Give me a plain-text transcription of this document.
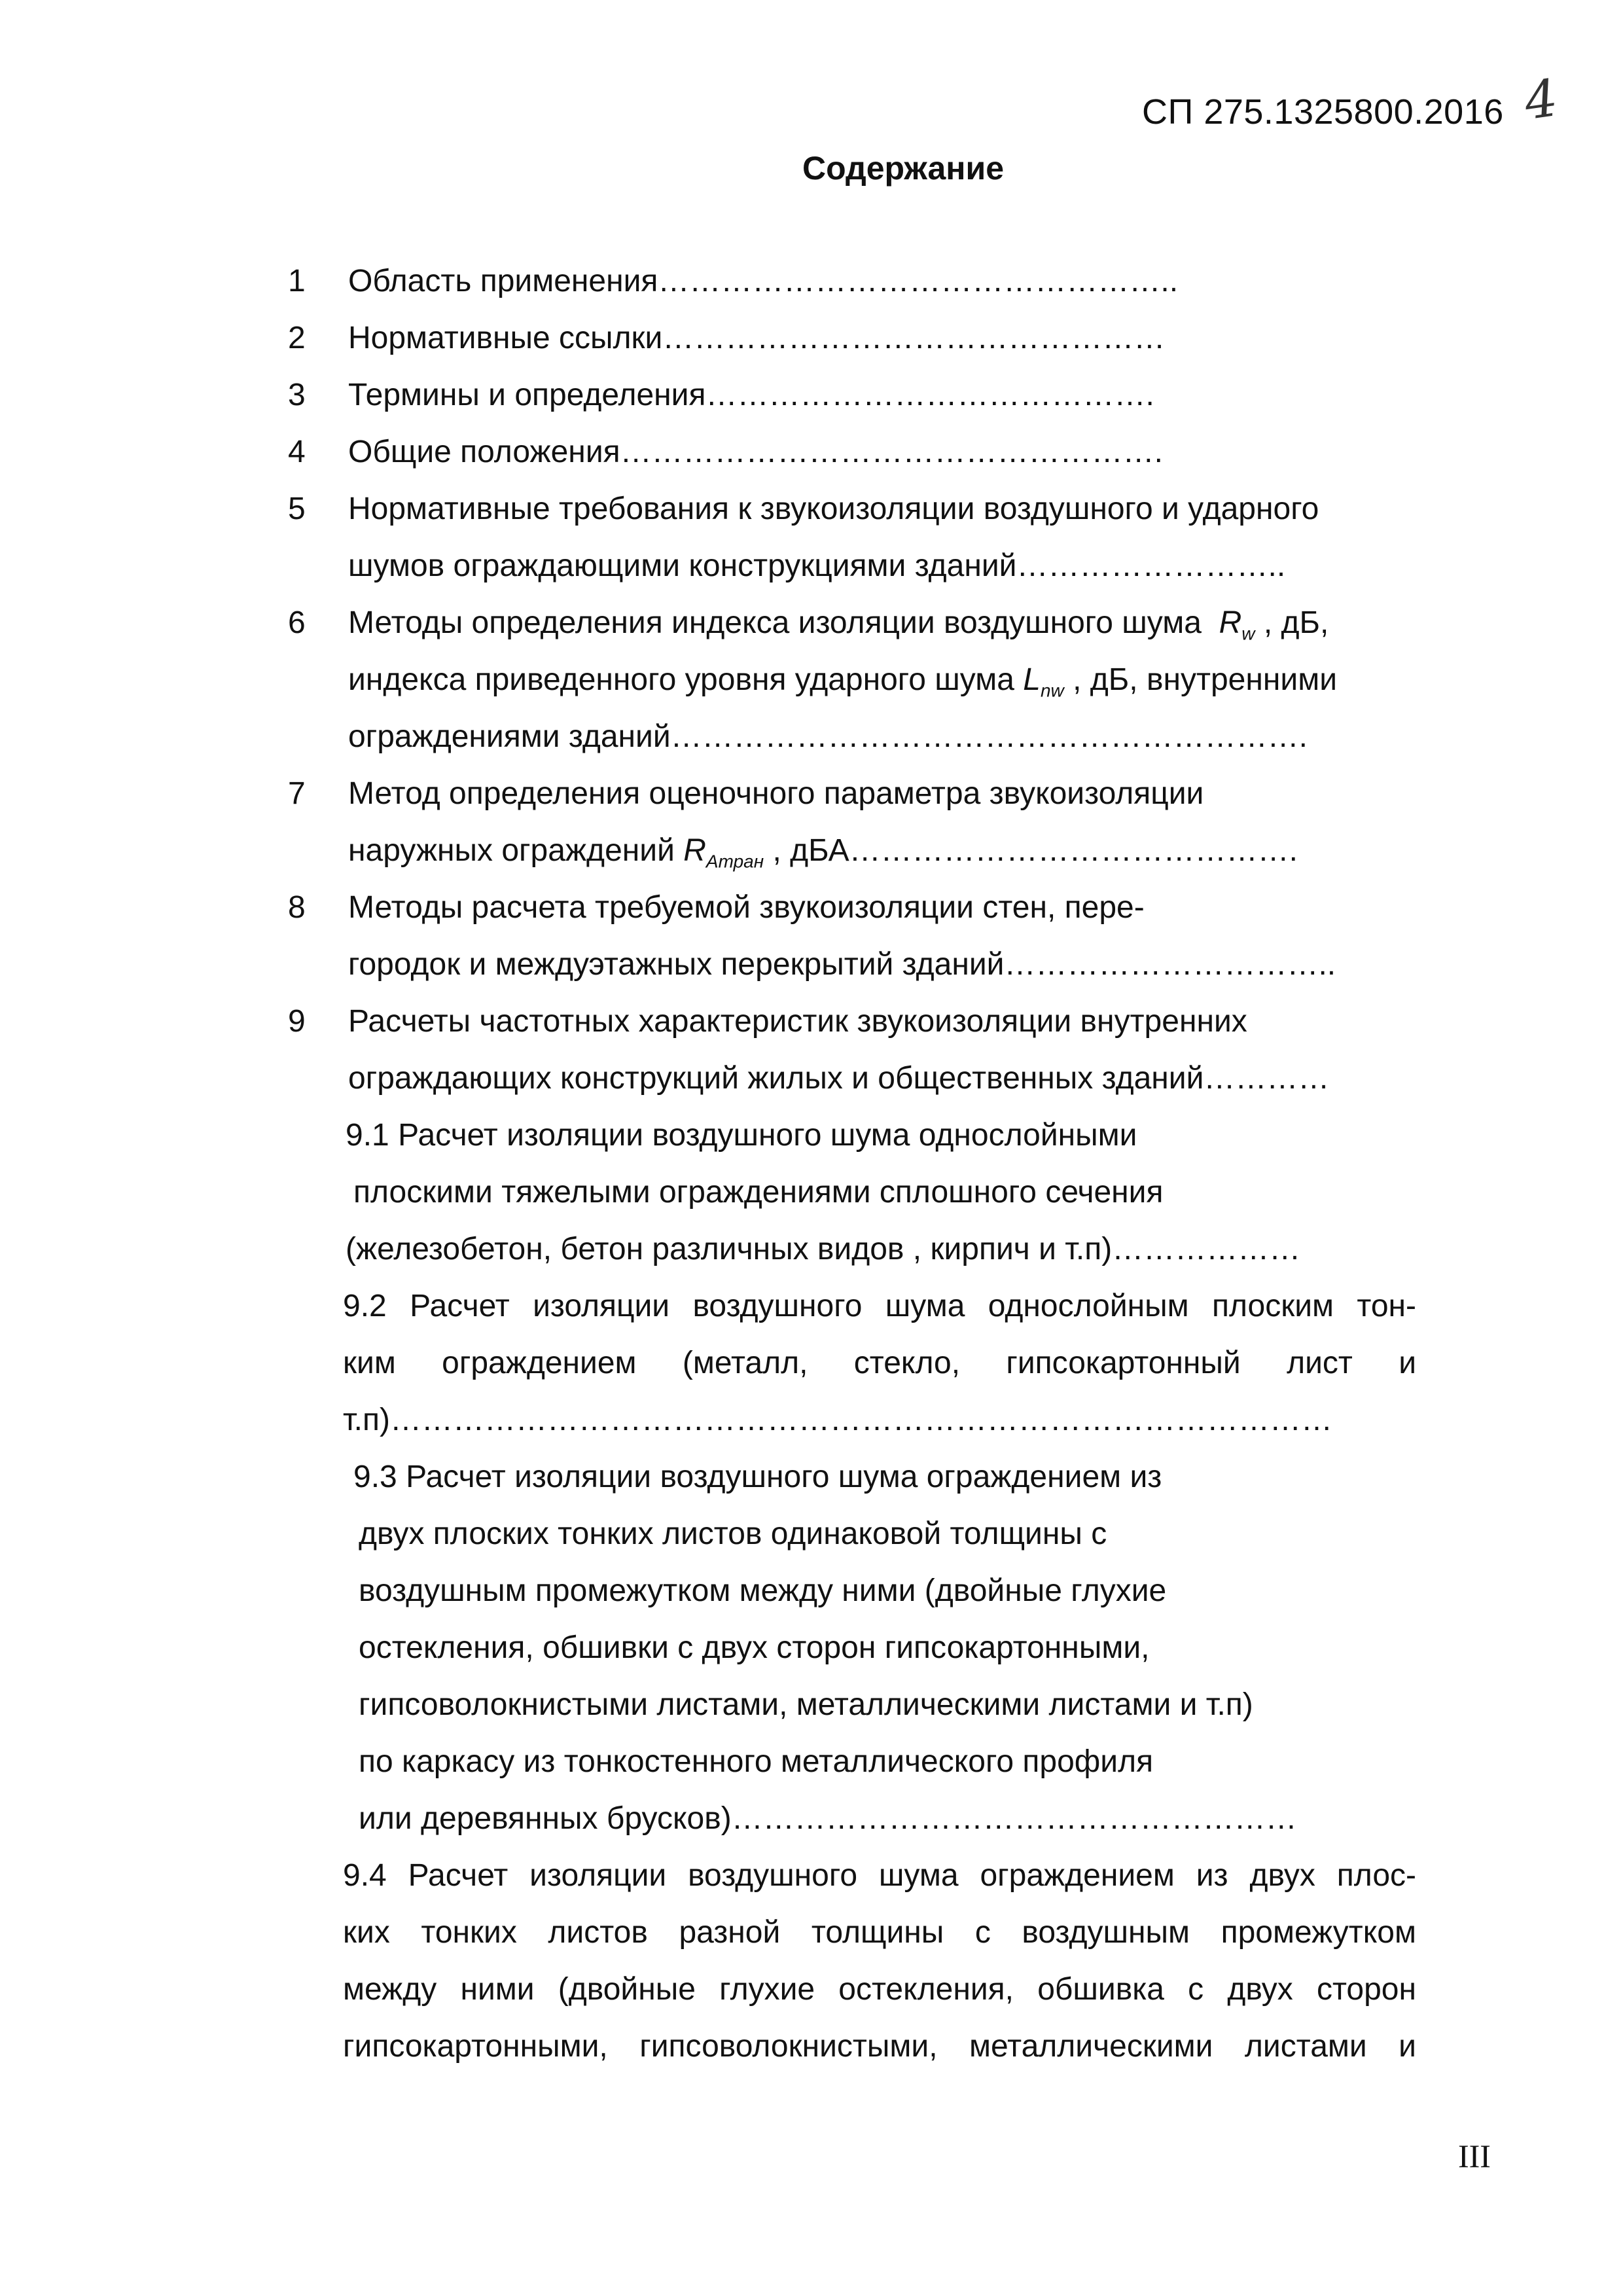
СП 275.1325800.2016 4
Содержание
1 Область применения…………………………………………..
2 Нормативные ссылки…………………………………………
3 Термины и определения…………………………………….
4 Общие положения…………………………………………….
5 Нормативные требования к звукоизоляции воздушного и ударного
шумов ограждающими конструкциями зданий……………………..
6 Методы определения индекса изоляции воздушного шума $R_w$ , дБ,
индекса приведенного уровня ударного шума $L_{nw}$ , дБ, внутренними
ограждениями зданий…………………………………………………….
7 Метод определения оценочного параметра звукоизоляции
наружных ограждений $R_{Атран}$ , дБА…………………………………….
8 Методы расчета требуемой звукоизоляции стен, пере-
городок и междуэтажных перекрытий зданий…………………………..
9 Расчеты частотных характеристик звукоизоляции внутренних
ограждающих конструкций жилых и общественных зданий…………
9.1 Расчет изоляции воздушного шума однослойными
плоскими тяжелыми ограждениями сплошного сечения
(железобетон, бетон различных видов , кирпич и т.п)………………
9.2 Расчет изоляции воздушного шума однослойным плоским тон-
ким ограждением (металл, стекло, гипсокартонный лист и
т.п)………………………………………………………………………………
9.3 Расчет изоляции воздушного шума ограждением из
двух плоских тонких листов одинаковой толщины с
воздушным промежутком между ними (двойные глухие
остекления, обшивки с двух сторон гипсокартонными,
гипсоволокнистыми листами, металлическими листами и т.п)
по каркасу из тонкостенного металлического профиля
или деревянных брусков)………………………………………………
9.4 Расчет изоляции воздушного шума ограждением из двух плос-
ких тонких листов разной толщины с воздушным промежутком
между ними (двойные глухие остекления, обшивка с двух сторон
гипсокартонными, гипсоволокнистыми, металлическими листами и
III
